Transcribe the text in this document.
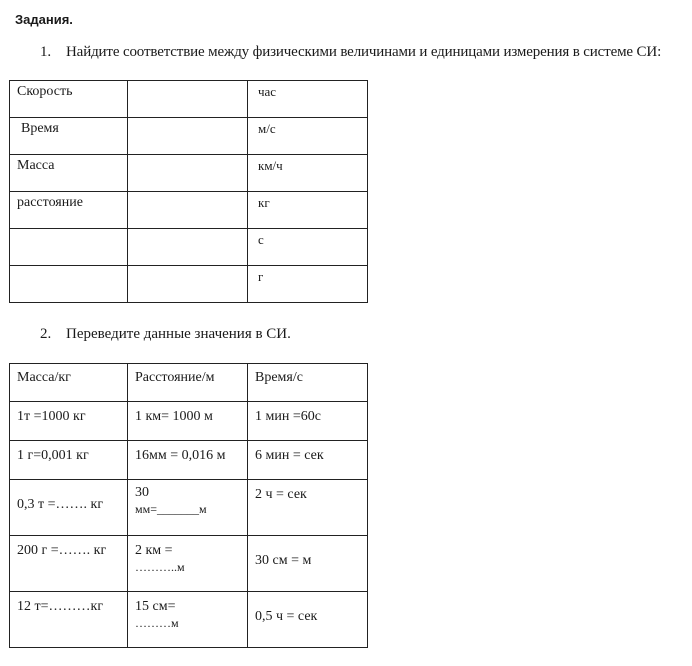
Задания.
1. Найдите соответствие между физическими величинами и единицами измерения в системе СИ:
Скорость		час

Время		м/с

Масса		км/ч

расстояние		кг

		с

		г
2. Переведите данные значения в СИ.
Масса/кг	Расстояние/м	Время/с

1т =1000 кг	1 км= 1000 м	1 мин =60с

1 г=0,001 кг	16мм = 0,016 м	6 мин = сек

0,3 т =……. кг	30
мм=_______м	2 ч = сек

200 г =……. кг	2 км =
………..м	30 см = м

12 т=………кг	15 см=
………м	0,5 ч = сек
